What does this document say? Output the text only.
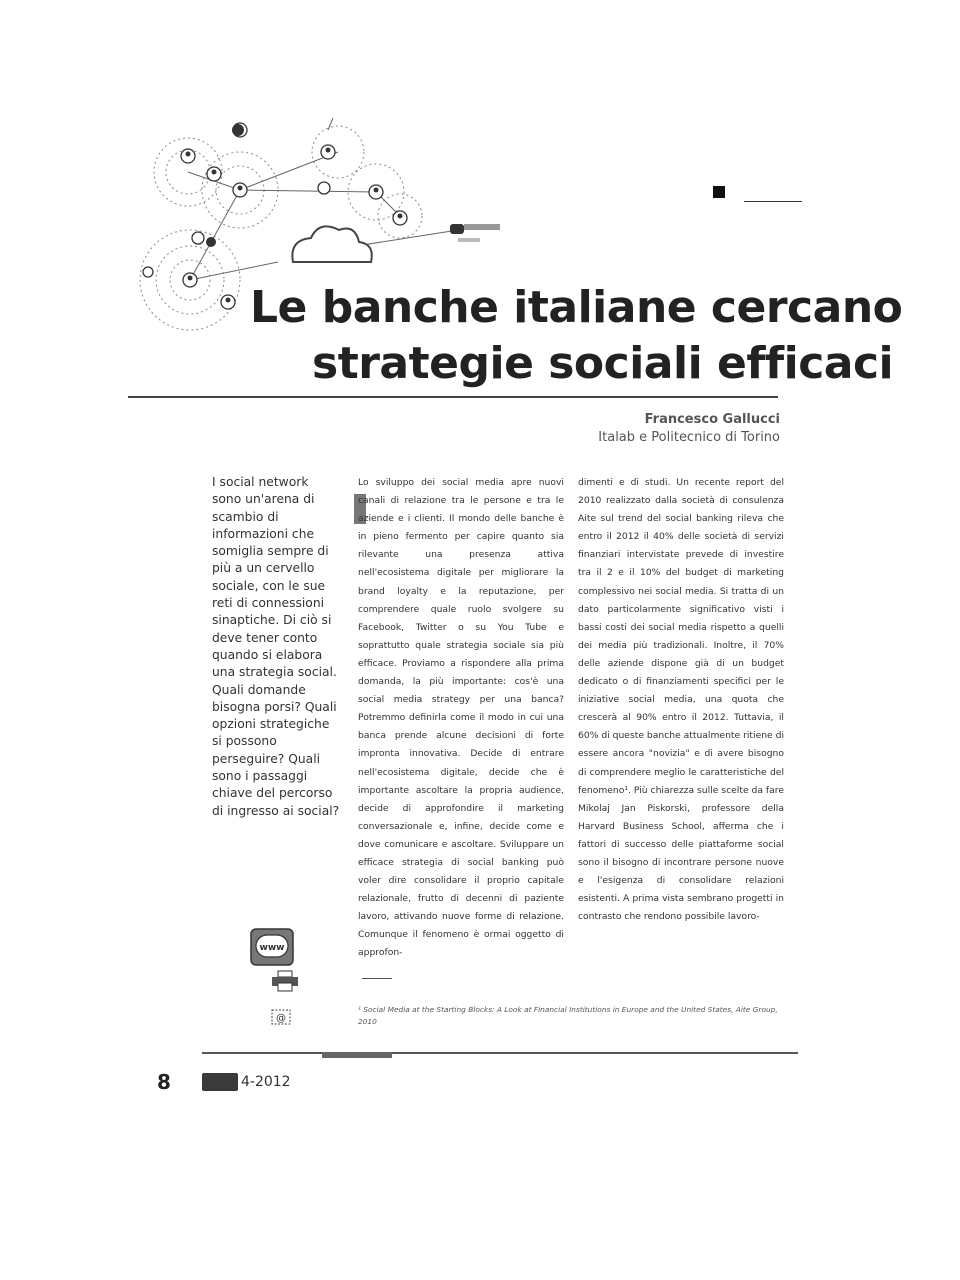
Le banche italiane cercano
strategie sociali efficaci
Francesco Gallucci
Italab e Politecnico di Torino
I social network sono un'arena di scambio di informazioni che somiglia sempre di più a un cervello sociale, con le sue reti di connessioni sinaptiche. Di ciò si deve tener conto quando si elabora una strategia social. Quali domande bisogna porsi? Quali opzioni strategiche si possono perseguire? Quali sono i passaggi chiave del percorso di ingresso ai social?
www
@
Lo sviluppo dei social media apre nuovi canali di relazione tra le persone e tra le aziende e i clienti. Il mondo delle banche è in pieno fermento per capire quanto sia rilevante una presenza attiva nell'ecosistema digitale per migliorare la brand loyalty e la reputazione, per comprendere quale ruolo svolgere su Facebook, Twitter o su You Tube e soprattutto quale strategia sociale sia più efficace. Proviamo a rispondere alla prima domanda, la più importante: cos'è una social media strategy per una banca? Potremmo definirla come il modo in cui una banca prende alcune decisioni di forte impronta innovativa. Decide di entrare nell'ecosistema digitale, decide che è importante ascoltare la propria audience, decide di approfondire il marketing conversazionale e, infine, decide come e dove comunicare e ascoltare. Sviluppare un efficace strategia di social banking può voler dire consolidare il proprio capitale relazionale, frutto di decenni di paziente lavoro, attivando nuove forme di relazione. Comunque il fenomeno è ormai oggetto di approfon-
dimenti e di studi. Un recente report del 2010 realizzato dalla società di consulenza Aite sul trend del social banking rileva che entro il 2012 il 40% delle società di servizi finanziari intervistate prevede di investire tra il 2 e il 10% del budget di marketing complessivo nei social media. Si tratta di un dato particolarmente significativo visti i bassi costi dei social media rispetto a quelli dei media più tradizionali. Inoltre, il 70% delle aziende dispone già di un budget dedicato o di finanziamenti specifici per le iniziative social media, una quota che crescerà al 90% entro il 2012. Tuttavia, il 60% di queste banche attualmente ritiene di essere ancora "novizia" e di avere bisogno di comprendere meglio le caratteristiche del fenomeno¹. Più chiarezza sulle scelte da fare Mikolaj Jan Piskorski, professore della Harvard Business School, afferma che i fattori di successo delle piattaforme social sono il bisogno di incontrare persone nuove e l'esigenza di consolidare relazioni esistenti. A prima vista sembrano progetti in contrasto che rendono possibile lavoro-
¹ Social Media at the Starting Blocks: A Look at Financial Institutions in Europe and the United States, Aite Group, 2010
8	4-2012
